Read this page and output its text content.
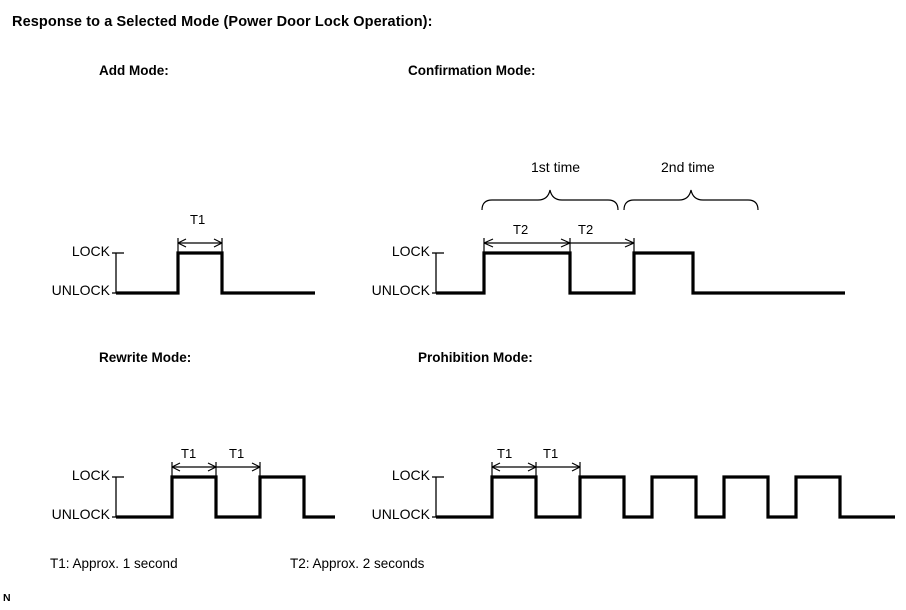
Response to a Selected Mode (Power Door Lock Operation):
Add Mode:
LOCK
UNLOCK
T1
Confirmation Mode:
1st time	2nd time
LOCK
UNLOCK
T2	T2
Rewrite Mode:
LOCK
UNLOCK
T1	T1
Prohibition Mode:
LOCK
UNLOCK
T1 T1
T1: Approx. 1 second	T2: Approx. 2 seconds
N
